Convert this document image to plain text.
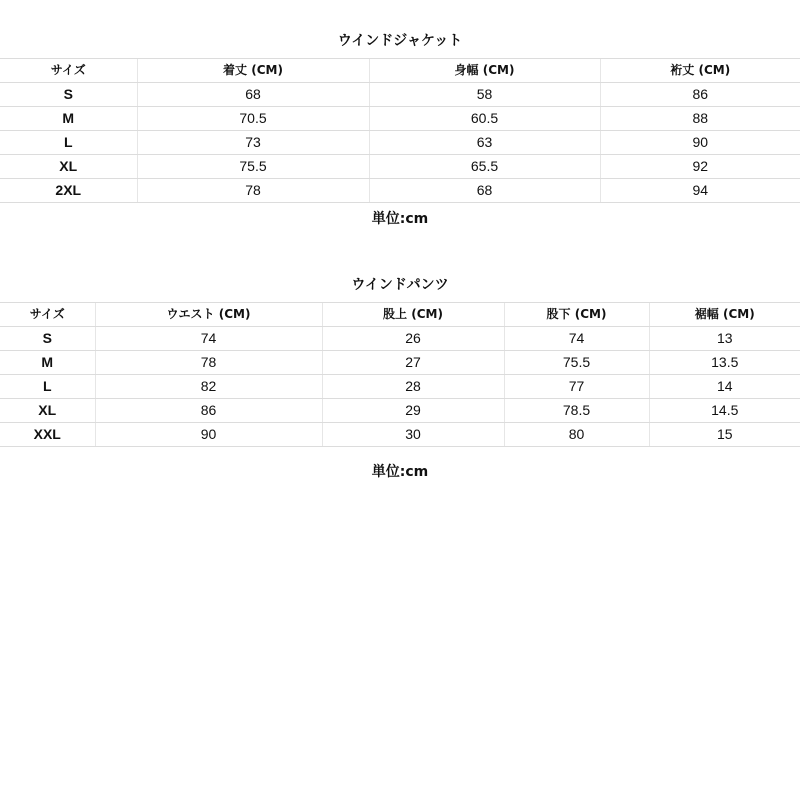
ウインドジャケット
サイズ	着丈 (CM)	身幅 (CM)	裄丈 (CM)
S	68	58	86
M	70.5	60.5	88
L	73	63	90
XL	75.5	65.5	92
2XL	78	68	94
単位:cm
ウインドパンツ
サイズ	ウエスト (CM)	股上 (CM)	股下 (CM)	裾幅 (CM)
S	74	26	74	13
M	78	27	75.5	13.5
L	82	28	77	14
XL	86	29	78.5	14.5
XXL	90	30	80	15
単位:cm
